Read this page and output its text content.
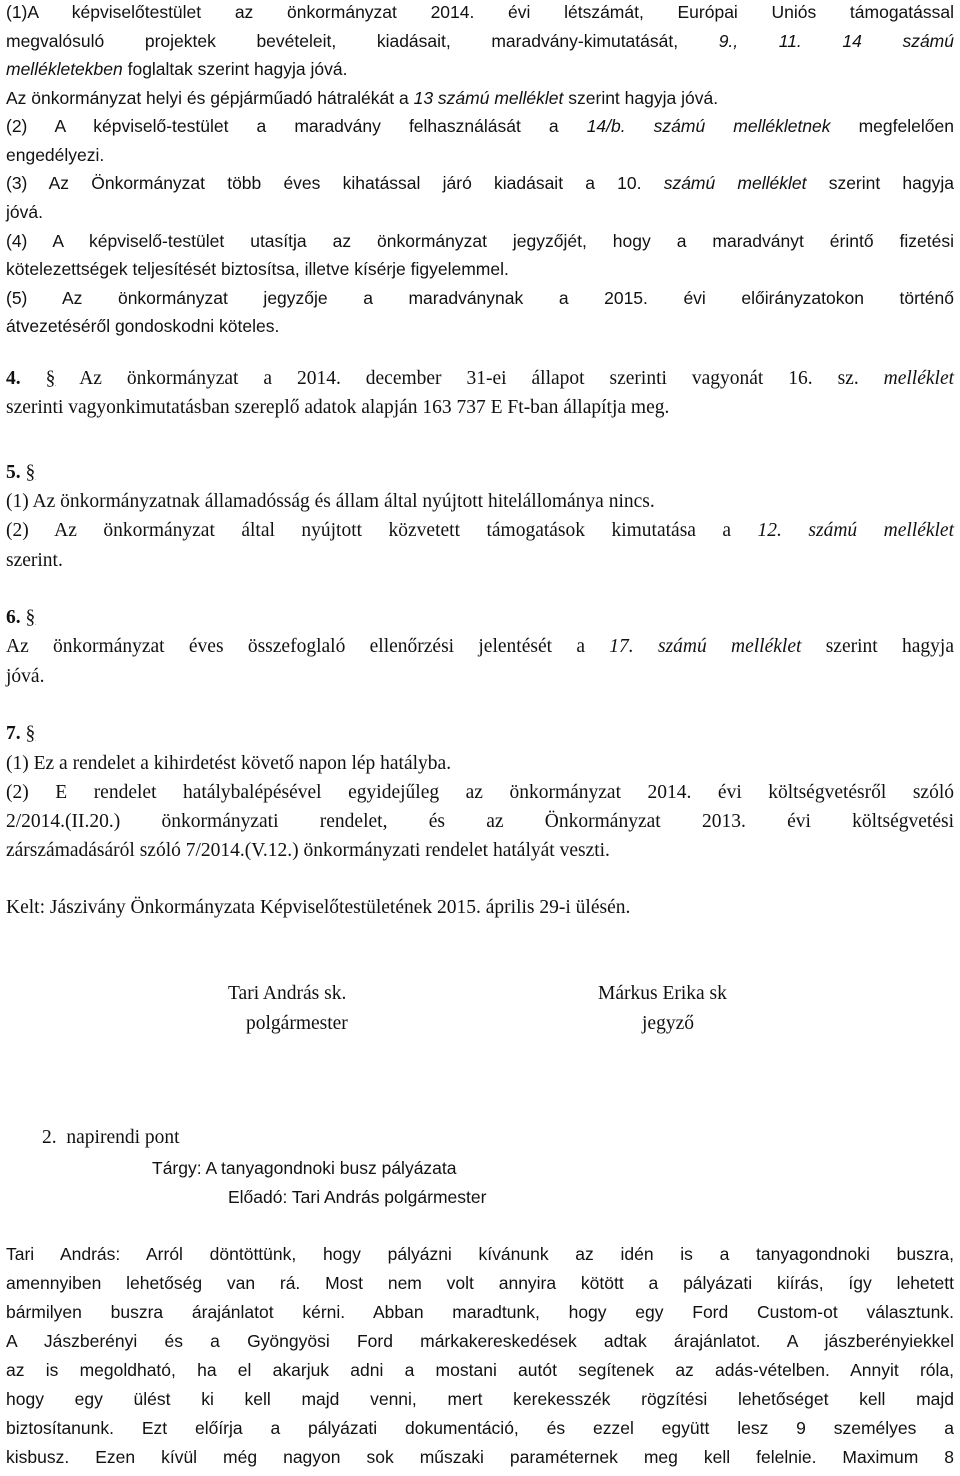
(1)A képviselőtestület az önkormányzat 2014. évi létszámát, Európai Uniós támogatással
megvalósuló projektek bevételeit, kiadásait, maradvány-kimutatását, 9., 11. 14 számú
mellékletekben foglaltak szerint hagyja jóvá.
Az önkormányzat helyi és gépjárműadó hátralékát a 13 számú melléklet szerint hagyja jóvá.
(2) A képviselő-testület a maradvány felhasználását a 14/b. számú mellékletnek megfelelően
engedélyezi.
(3) Az Önkormányzat több éves kihatással járó kiadásait a 10. számú melléklet szerint hagyja
jóvá.
(4) A képviselő-testület utasítja az önkormányzat jegyzőjét, hogy a maradványt érintő fizetési
kötelezettségek teljesítését biztosítsa, illetve kísérje figyelemmel.
(5) Az önkormányzat jegyzője a maradványnak a 2015. évi előirányzatokon történő
átvezetéséről gondoskodni köteles.
4. § Az önkormányzat a 2014. december 31-ei állapot szerinti vagyonát 16. sz. melléklet
szerinti vagyonkimutatásban szereplő adatok alapján 163 737 E Ft-ban állapítja meg.
5. §
(1) Az önkormányzatnak államadósság és állam által nyújtott hitelállománya nincs.
(2) Az önkormányzat által nyújtott közvetett támogatások kimutatása a 12. számú melléklet
szerint.
6. §
Az önkormányzat éves összefoglaló ellenőrzési jelentését a 17. számú melléklet szerint hagyja
jóvá.
7. §
(1) Ez a rendelet a kihirdetést követő napon lép hatályba.
(2) E rendelet hatálybalépésével egyidejűleg az önkormányzat 2014. évi költségvetésről szóló
2/2014.(II.20.) önkormányzati rendelet, és az Önkormányzat 2013. évi költségvetési
zárszámadásáról szóló 7/2014.(V.12.) önkormányzati rendelet hatályát veszti.
Kelt: Jászivány Önkormányzata Képviselőtestületének 2015. április 29-i ülésén.
Tari András sk.
polgármester
Márkus Erika sk
jegyző
2. napirendi pont
Tárgy: A tanyagondnoki busz pályázata
Előadó: Tari András polgármester
Tari András: Arról döntöttünk, hogy pályázni kívánunk az idén is a tanyagondnoki buszra,
amennyiben lehetőség van rá. Most nem volt annyira kötött a pályázati kiírás, így lehetett
bármilyen buszra árajánlatot kérni. Abban maradtunk, hogy egy Ford Custom-ot választunk.
A Jászberényi és a Gyöngyösi Ford márkakereskedések adtak árajánlatot. A jászberényiekkel
az is megoldható, ha el akarjuk adni a mostani autót segítenek az adás-vételben. Annyit róla,
hogy egy ülést ki kell majd venni, mert kerekesszék rögzítési lehetőséget kell majd
biztosítanunk. Ezt előírja a pályázati dokumentáció, és ezzel együtt lesz 9 személyes a
kisbusz. Ezen kívül még nagyon sok műszaki paraméternek meg kell felelnie. Maximum 8
